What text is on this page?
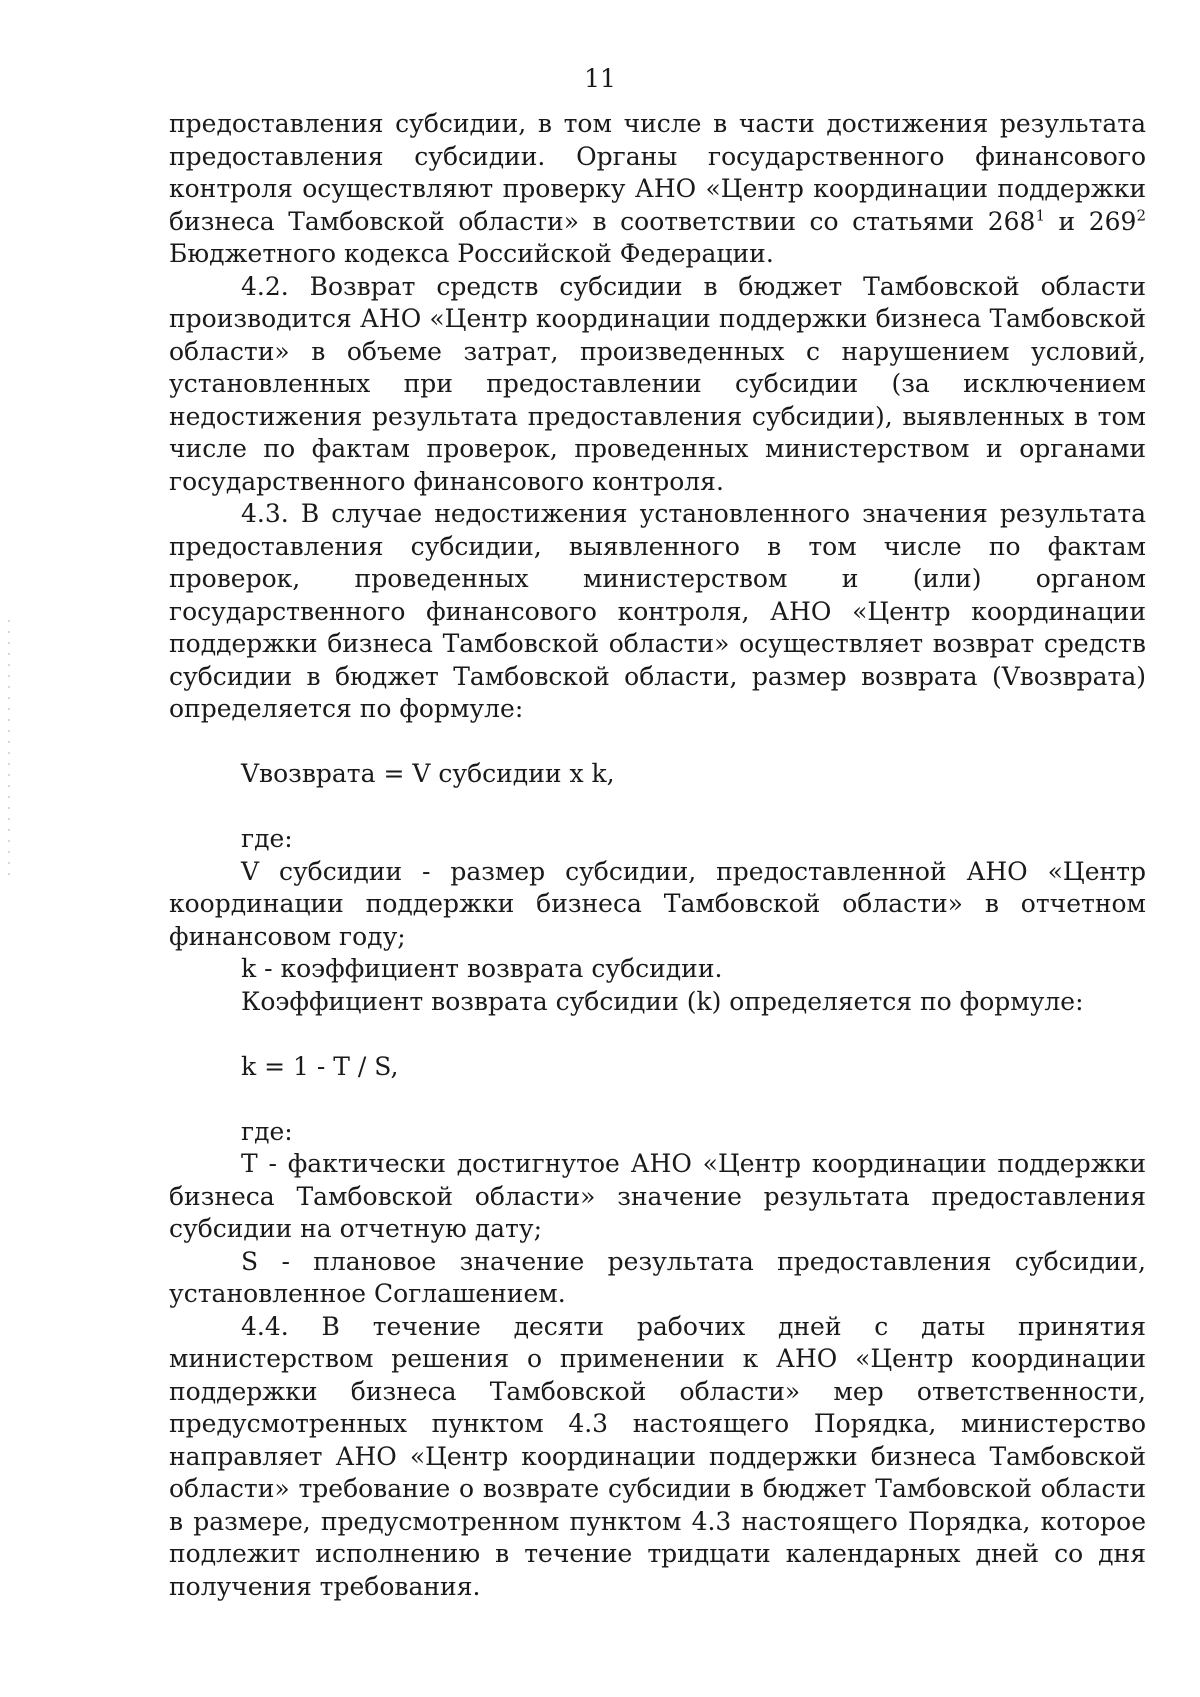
11

предоставления субсидии, в том числе в части достижения результата предоставления субсидии. Органы государственного финансового контроля осуществляют проверку АНО «Центр координации поддержки бизнеса Тамбовской области» в соответствии со статьями $268^1$ и $269^2$ Бюджетного кодекса Российской Федерации.

4.2. Возврат средств субсидии в бюджет Тамбовской области производится АНО «Центр координации поддержки бизнеса Тамбовской области» в объеме затрат, произведенных с нарушением условий, установленных при предоставлении субсидии (за исключением недостижения результата предоставления субсидии), выявленных в том числе по фактам проверок, проведенных министерством и органами государственного финансового контроля.

4.3. В случае недостижения установленного значения результата предоставления субсидии, выявленного в том числе по фактам проверок, проведенных министерством и (или) органом государственного финансового контроля, АНО «Центр координации поддержки бизнеса Тамбовской области» осуществляет возврат средств субсидии в бюджет Тамбовской области, размер возврата (Vвозврата) определяется по формуле:

Vвозврата = V субсидии х k,

где:

V субсидии - размер субсидии, предоставленной АНО «Центр координации поддержки бизнеса Тамбовской области» в отчетном финансовом году;

k - коэффициент возврата субсидии.

Коэффициент возврата субсидии (k) определяется по формуле:

k = 1 - T / S,

где:

T - фактически достигнутое АНО «Центр координации поддержки бизнеса Тамбовской области» значение результата предоставления субсидии на отчетную дату;

S - плановое значение результата предоставления субсидии, установленное Соглашением.

4.4. В течение десяти рабочих дней с даты принятия министерством решения о применении к АНО «Центр координации поддержки бизнеса Тамбовской области» мер ответственности, предусмотренных пунктом 4.3 настоящего Порядка, министерство направляет АНО «Центр координации поддержки бизнеса Тамбовской области» требование о возврате субсидии в бюджет Тамбовской области в размере, предусмотренном пунктом 4.3 настоящего Порядка, которое подлежит исполнению в течение тридцати календарных дней со дня получения требования.
